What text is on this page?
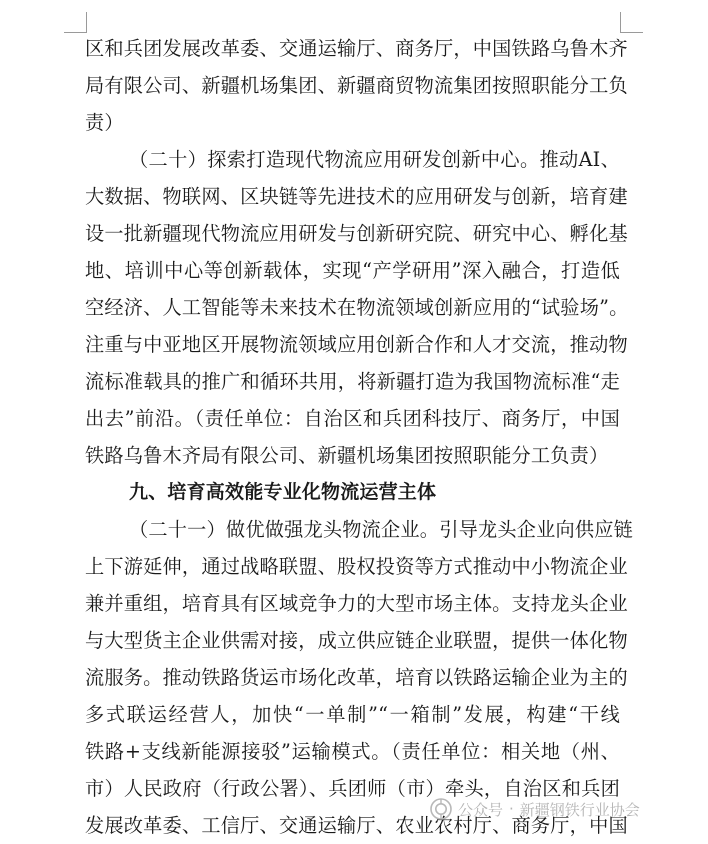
区和兵团发展改革委、交通运输厅、商务厅，中国铁路乌鲁木齐
局有限公司、新疆机场集团、新疆商贸物流集团按照职能分工负
责）
（二十）探索打造现代物流应用研发创新中心。推动AI、
大数据、物联网、区块链等先进技术的应用研发与创新，培育建
设一批新疆现代物流应用研发与创新研究院、研究中心、孵化基
地、培训中心等创新载体，实现“产学研用”深入融合，打造低
空经济、人工智能等未来技术在物流领域创新应用的“试验场”。
注重与中亚地区开展物流领域应用创新合作和人才交流，推动物
流标准载具的推广和循环共用，将新疆打造为我国物流标准“走
出去”前沿。（责任单位：自治区和兵团科技厅、商务厅，中国
铁路乌鲁木齐局有限公司、新疆机场集团按照职能分工负责）
九、培育高效能专业化物流运营主体
（二十一）做优做强龙头物流企业。引导龙头企业向供应链
上下游延伸，通过战略联盟、股权投资等方式推动中小物流企业
兼并重组，培育具有区域竞争力的大型市场主体。支持龙头企业
与大型货主企业供需对接，成立供应链企业联盟，提供一体化物
流服务。推动铁路货运市场化改革，培育以铁路运输企业为主的
多式联运经营人，加快“一单制”“一箱制”发展，构建“干线
铁路+支线新能源接驳”运输模式。（责任单位：相关地（州、
市）人民政府（行政公署）、兵团师（市）牵头，自治区和兵团
发展改革委、工信厅、交通运输厅、农业农村厅、商务厅，中国
公众号 · 新疆钢铁行业协会
